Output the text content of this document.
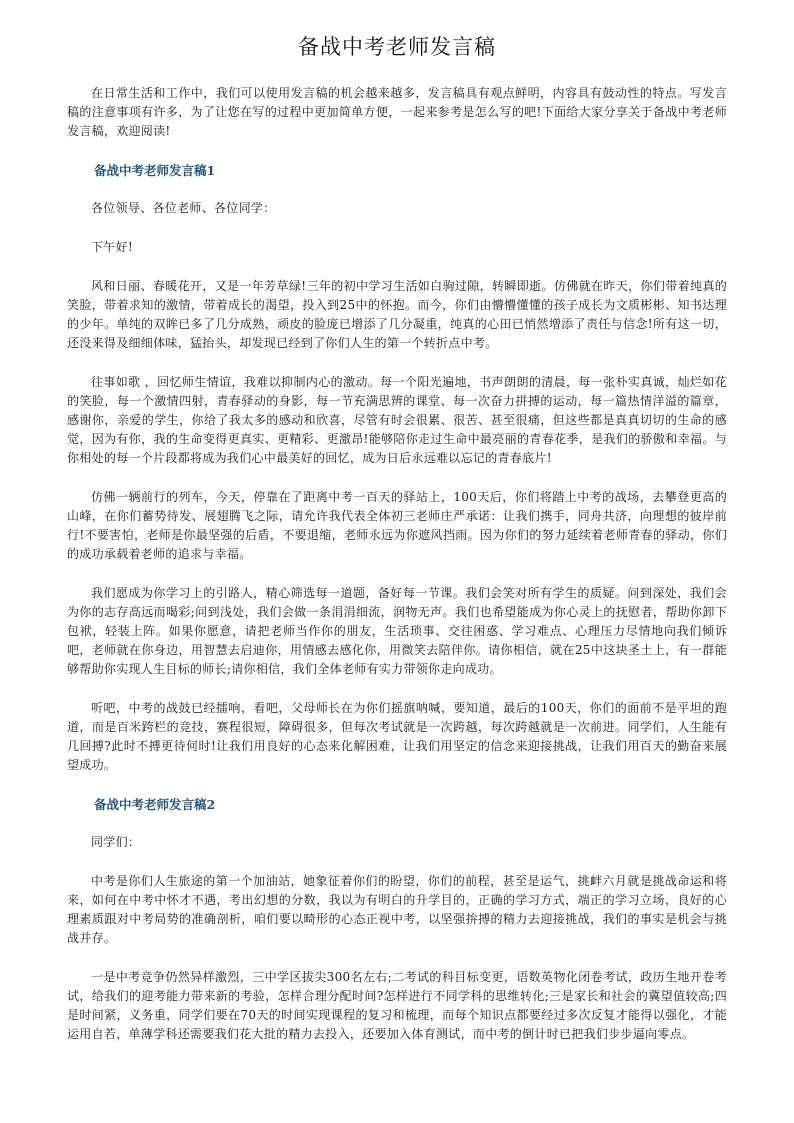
备战中考老师发言稿

在日常生活和工作中，我们可以使用发言稿的机会越来越多，发言稿具有观点鲜明，内容具有鼓动性的特点。写发言稿的注意事项有许多，为了让您在写的过程中更加简单方便，一起来参考是怎么写的吧!下面给大家分享关于备战中考老师发言稿，欢迎阅读!

备战中考老师发言稿1

各位领导、各位老师、各位同学：

下午好!

风和日丽、春暖花开，又是一年芳草绿!三年的初中学习生活如白驹过隙，转瞬即逝。仿佛就在昨天，你们带着纯真的笑脸，带着求知的激情，带着成长的渴望，投入到25中的怀抱。而今，你们由懵懵懂懂的孩子成长为文质彬彬、知书达理的少年。单纯的双眸已多了几分成熟，顽皮的脸庞已增添了几分凝重，纯真的心田已悄然增添了责任与信念!所有这一切，还没来得及细细体味，猛抬头，却发现已经到了你们人生的第一个转折点中考。

往事如歌 ，回忆师生情谊，我难以抑制内心的激动。每一个阳光遍地，书声朗朗的清晨，每一张朴实真诚，灿烂如花的笑脸，每一个激情四射，青春驿动的身影，每一节充满思辨的课堂、每一次奋力拼搏的运动，每一篇热情洋溢的篇章，感谢你，亲爱的学生，你给了我太多的感动和欣喜，尽管有时会很累、很苦、甚至很痛，但这些都是真真切切的生命的感觉，因为有你，我的生命变得更真实、更精彩、更激昂!能够陪你走过生命中最亮丽的青春花季，是我们的骄傲和幸福。与你相处的每一个片段都将成为我们心中最美好的回忆，成为日后永远难以忘记的青春底片!

仿佛一辆前行的列车，今天，停靠在了距离中考一百天的驿站上，100天后，你们将踏上中考的战场，去攀登更高的山峰，在你们蓄势待发、展翅腾飞之际，请允许我代表全体初三老师庄严承诺：让我们携手，同舟共济，向理想的彼岸前行!不要害怕，老师是你最坚强的后盾，不要退缩，老师永远为你遮风挡雨。因为你们的努力延续着老师青春的驿动，你们的成功承载着老师的追求与幸福。

我们愿成为你学习上的引路人，精心筛选每一道题，备好每一节课。我们会笑对所有学生的质疑。问到深处，我们会为你的志存高远而喝彩;问到浅处，我们会做一条涓涓细流，润物无声。我们也希望能成为你心灵上的抚慰者，帮助你卸下包袱，轻装上阵。如果你愿意，请把老师当作你的朋友，生活琐事、交往困惑、学习难点、心理压力尽情地向我们倾诉吧，老师就在你身边，用智慧去启迪你，用情感去感化你，用微笑去陪伴你。请你相信，就在25中这块圣土上，有一群能够帮助你实现人生目标的师长;请你相信，我们全体老师有实力带领你走向成功。

听吧，中考的战鼓已经擂响，看吧，父母师长在为你们摇旗呐喊，要知道，最后的100天，你们的面前不是平坦的跑道，而是百米跨栏的竞技，赛程很短，障碍很多，但每次考试就是一次跨越，每次跨越就是一次前进。同学们，人生能有几回搏?此时不搏更待何时!让我们用良好的心态来化解困难，让我们用坚定的信念来迎接挑战，让我们用百天的勤奋来展望成功。

备战中考老师发言稿2

同学们：

中考是你们人生旅途的第一个加油站，她象征着你们的盼望，你们的前程，甚至是运气，挑衅六月就是挑战命运和将来，如何在中考中怀才不遇，考出幻想的分数，我以为有明白的升学目的，正确的学习方式，端正的学习立场，良好的心理素质跟对中考局势的准确剖析，咱们要以畸形的心态正视中考，以坚强拚搏的精力去迎接挑战，我们的事实是机会与挑战并存。

一是中考竞争仍然异样激烈，三中学区拔尖300名左右;二考试的科目标变更，语数英物化闭卷考试，政历生地开卷考试，给我们的迎考能力带来新的考验，怎样合理分配时间?怎样进行不同学科的思维转化;三是家长和社会的冀望值较高;四是时间紧，义务重，同学们要在70天的时间实现课程的复习和梳理，而每个知识点都要经过多次反复才能得以强化，才能运用自若，单薄学科还需要我们花大批的精力去投入，还要加入体育测试，而中考的倒计时已把我们步步逼向零点。
